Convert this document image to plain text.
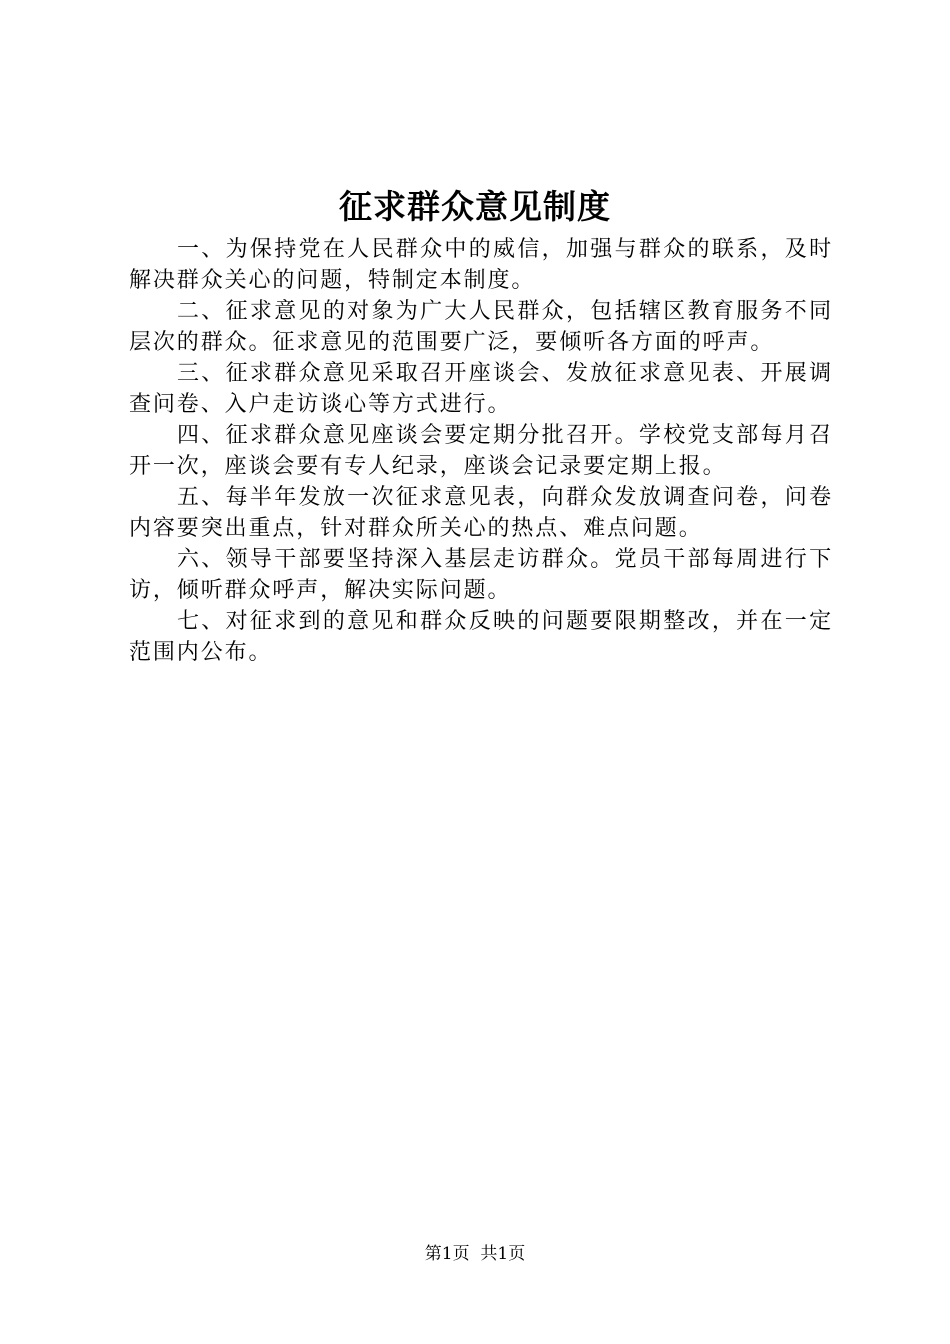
征求群众意见制度

一、为保持党在人民群众中的威信，加强与群众的联系，及时解决群众关心的问题，特制定本制度。

二、征求意见的对象为广大人民群众，包括辖区教育服务不同层次的群众。征求意见的范围要广泛，要倾听各方面的呼声。

三、征求群众意见采取召开座谈会、发放征求意见表、开展调查问卷、入户走访谈心等方式进行。

四、征求群众意见座谈会要定期分批召开。学校党支部每月召开一次，座谈会要有专人纪录，座谈会记录要定期上报。

五、每半年发放一次征求意见表，向群众发放调查问卷，问卷内容要突出重点，针对群众所关心的热点、难点问题。

六、领导干部要坚持深入基层走访群众。党员干部每周进行下访，倾听群众呼声，解决实际问题。

七、对征求到的意见和群众反映的问题要限期整改，并在一定范围内公布。

第1页 共1页
